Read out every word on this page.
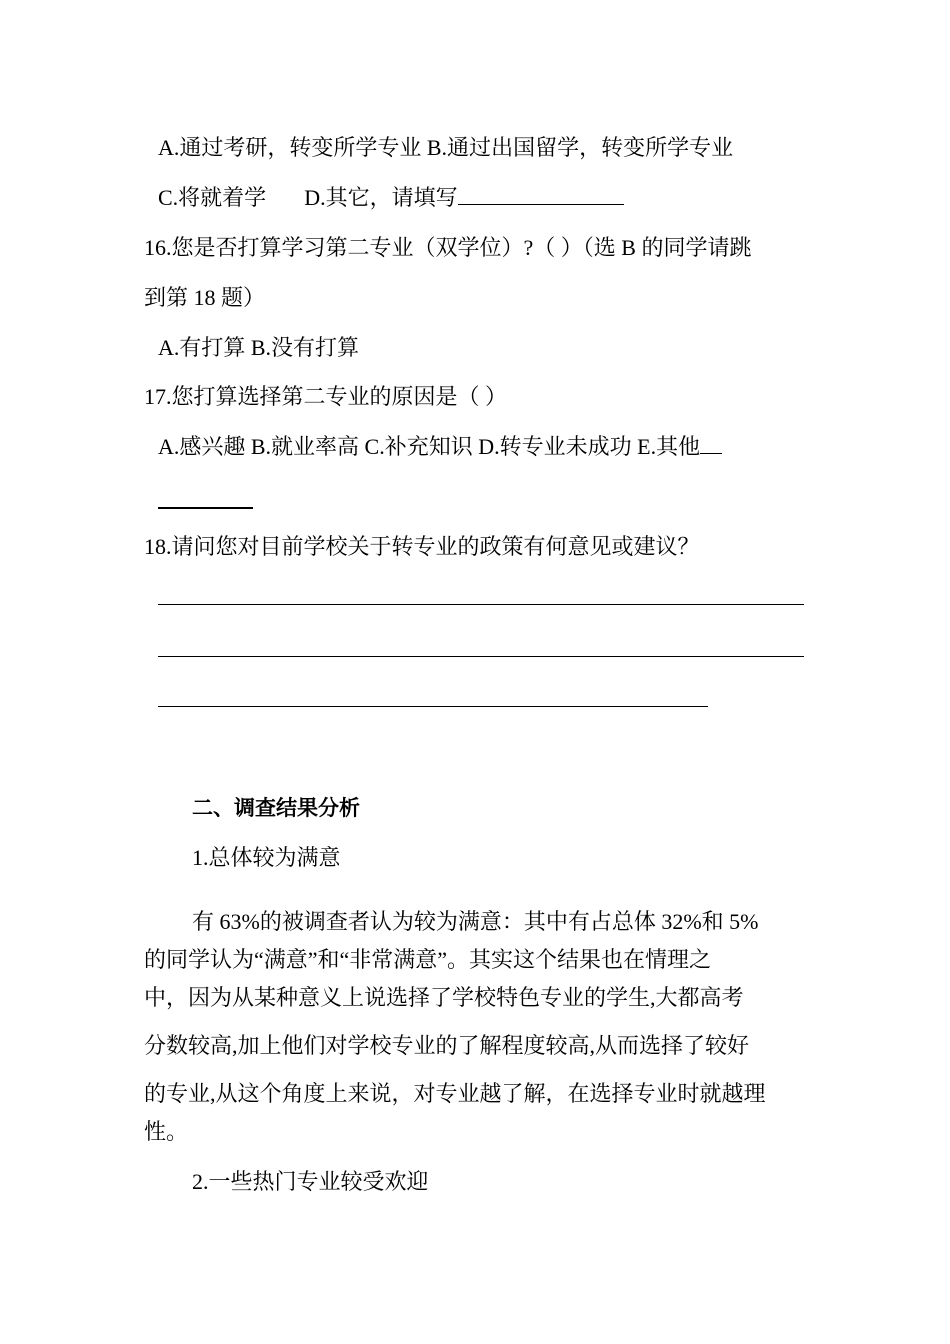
A.通过考研，转变所学专业 B.通过出国留学，转变所学专业
C.将就着学 D.其它，请填写
16.您是否打算学习第二专业（双学位）?（ ）（选 B 的同学请跳
到第 18 题）
A.有打算 B.没有打算
17.您打算选择第二专业的原因是（ ）
A.感兴趣 B.就业率高 C.补充知识 D.转专业未成功 E.其他
18.请问您对目前学校关于转专业的政策有何意见或建议？
二、调查结果分析
1.总体较为满意
有 63%的被调查者认为较为满意：其中有占总体 32%和 5%
的同学认为“满意”和“非常满意”。其实这个结果也在情理之
中，因为从某种意义上说选择了学校特色专业的学生,大都高考
分数较高,加上他们对学校专业的了解程度较高,从而选择了较好
的专业,从这个角度上来说，对专业越了解，在选择专业时就越理
性。
2.一些热门专业较受欢迎
